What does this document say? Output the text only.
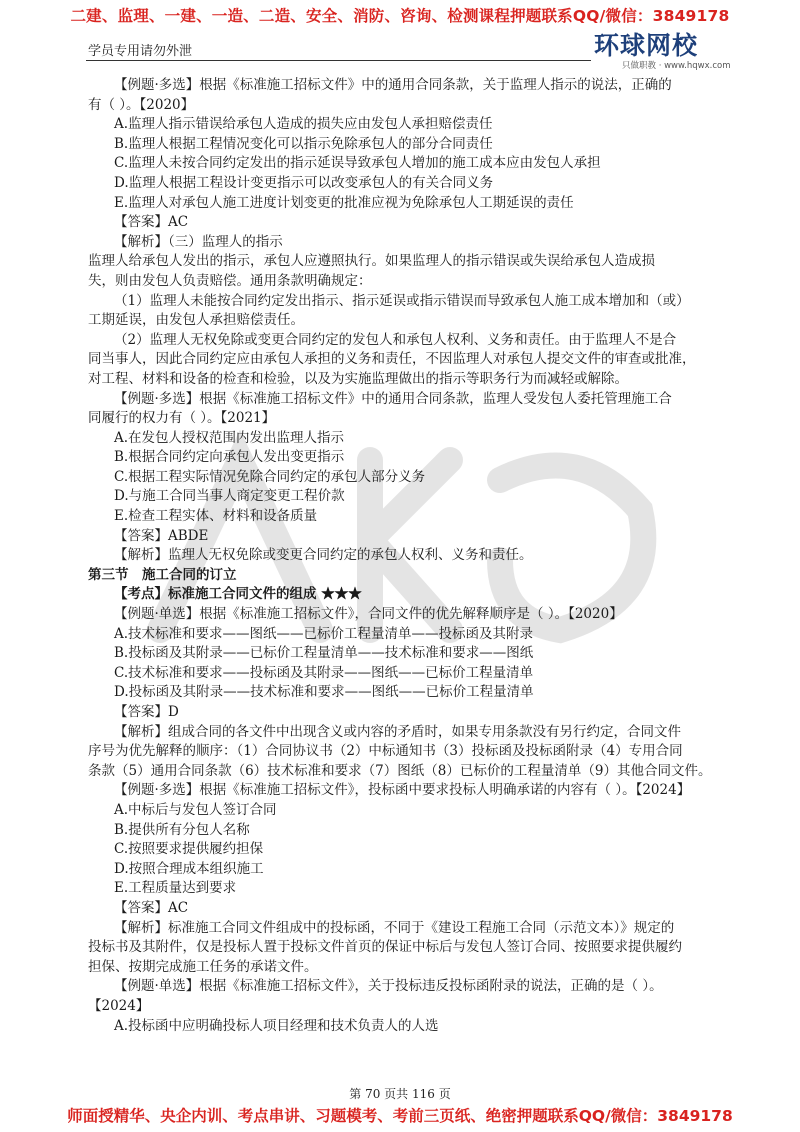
二建、监理、一建、一造、二造、安全、消防、咨询、检测课程押题联系QQ/微信：3849178
学员专用请勿外泄	环球网校
只做职教 · www.hqwx.com
【例题·多选】根据《标准施工招标文件》中的通用合同条款，关于监理人指示的说法，正确的
有（ ）。【2020】
A.监理人指示错误给承包人造成的损失应由发包人承担赔偿责任
B.监理人根据工程情况变化可以指示免除承包人的部分合同责任
C.监理人未按合同约定发出的指示延误导致承包人增加的施工成本应由发包人承担
D.监理人根据工程设计变更指示可以改变承包人的有关合同义务
E.监理人对承包人施工进度计划变更的批准应视为免除承包人工期延误的责任
【答案】AC
【解析】（三）监理人的指示
监理人给承包人发出的指示，承包人应遵照执行。如果监理人的指示错误或失误给承包人造成损
失，则由发包人负责赔偿。通用条款明确规定：
（1）监理人未能按合同约定发出指示、指示延误或指示错误而导致承包人施工成本增加和（或）
工期延误，由发包人承担赔偿责任。
（2）监理人无权免除或变更合同约定的发包人和承包人权利、义务和责任。由于监理人不是合
同当事人，因此合同约定应由承包人承担的义务和责任，不因监理人对承包人提交文件的审查或批准，
对工程、材料和设备的检查和检验，以及为实施监理做出的指示等职务行为而减轻或解除。
【例题·多选】根据《标准施工招标文件》中的通用合同条款，监理人受发包人委托管理施工合
同履行的权力有（ ）。【2021】
A.在发包人授权范围内发出监理人指示
B.根据合同约定向承包人发出变更指示
C.根据工程实际情况免除合同约定的承包人部分义务
D.与施工合同当事人商定变更工程价款
E.检查工程实体、材料和设备质量
【答案】ABDE
【解析】监理人无权免除或变更合同约定的承包人权利、义务和责任。
第三节　施工合同的订立
【考点】标准施工合同文件的组成 ★★★
【例题·单选】根据《标准施工招标文件》，合同文件的优先解释顺序是（ ）。【2020】
A.技术标准和要求——图纸——已标价工程量清单——投标函及其附录
B.投标函及其附录——已标价工程量清单——技术标准和要求——图纸
C.技术标准和要求——投标函及其附录——图纸——已标价工程量清单
D.投标函及其附录——技术标准和要求——图纸——已标价工程量清单
【答案】D
【解析】组成合同的各文件中出现含义或内容的矛盾时，如果专用条款没有另行约定，合同文件
序号为优先解释的顺序：（1）合同协议书（2）中标通知书（3）投标函及投标函附录（4）专用合同
条款（5）通用合同条款（6）技术标准和要求（7）图纸（8）已标价的工程量清单（9）其他合同文件。
【例题·多选】根据《标准施工招标文件》，投标函中要求投标人明确承诺的内容有（ ）。【2024】
A.中标后与发包人签订合同
B.提供所有分包人名称
C.按照要求提供履约担保
D.按照合理成本组织施工
E.工程质量达到要求
【答案】AC
【解析】标准施工合同文件组成中的投标函，不同于《建设工程施工合同（示范文本）》规定的
投标书及其附件，仅是投标人置于投标文件首页的保证中标后与发包人签订合同、按照要求提供履约
担保、按期完成施工任务的承诺文件。
【例题·单选】根据《标准施工招标文件》，关于投标违反投标函附录的说法，正确的是（ ）。
【2024】
A.投标函中应明确投标人项目经理和技术负责人的人选
第 70 页共 116 页
师面授精华、央企内训、考点串讲、习题模考、考前三页纸、绝密押题联系QQ/微信：3849178
